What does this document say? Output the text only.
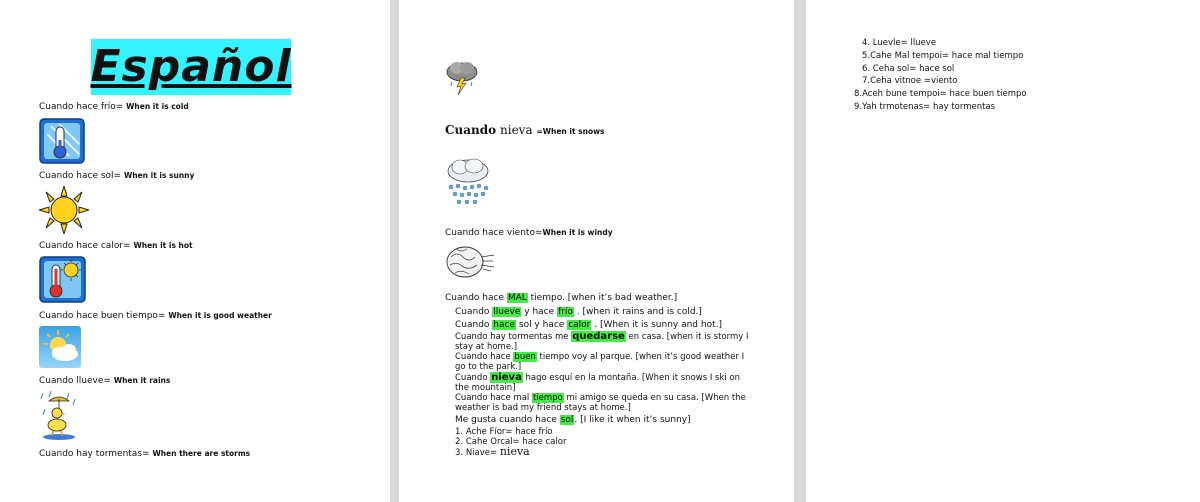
Español
Cuando hace frío= When it is cold
Cuando hace sol= When it is sunny
Cuando hace calor= When it is hot
Cuando hace buen tiempo= When it is good weather
Cuando llueve= When it rains
Cuando hay tormentas= When there are storms
Cuando nieva =When it snows
Cuando hace viento=When it is windy
Cuando hace MAL tiempo. [when it’s bad weather.]
Cuando llueve y hace frío . [when it rains and is cold.]
Cuando hace sol y hace calor . [When it is sunny and hot.]
Cuando hay tormentas me quedarse en casa. [when it is stormy I stay at home.]
Cuando hace buen tiempo voy al parque. [when it’s good weather I go to the park.]
Cuando nieva hago esquí en la montaña. [When it snows I ski on the mountain]
Cuando hace mal tiempo mi amigo se queda en su casa. [When the weather is bad my friend stays at home.]
Me gusta cuando hace sol. [I like it when it’s sunny]
1. Ache Fíor= hace frío
2. Cahe Orcal= hace calor
3. Niave= nieva
4. Luevle= llueve
5.Cahe Mal tempoi= hace mal tiempo
6. Ceha sol= hace sol
7.Ceha vitnoe =viento
8.Aceh bune tempoi= hace buen tiempo
9.Yah trmotenas= hay tormentas
